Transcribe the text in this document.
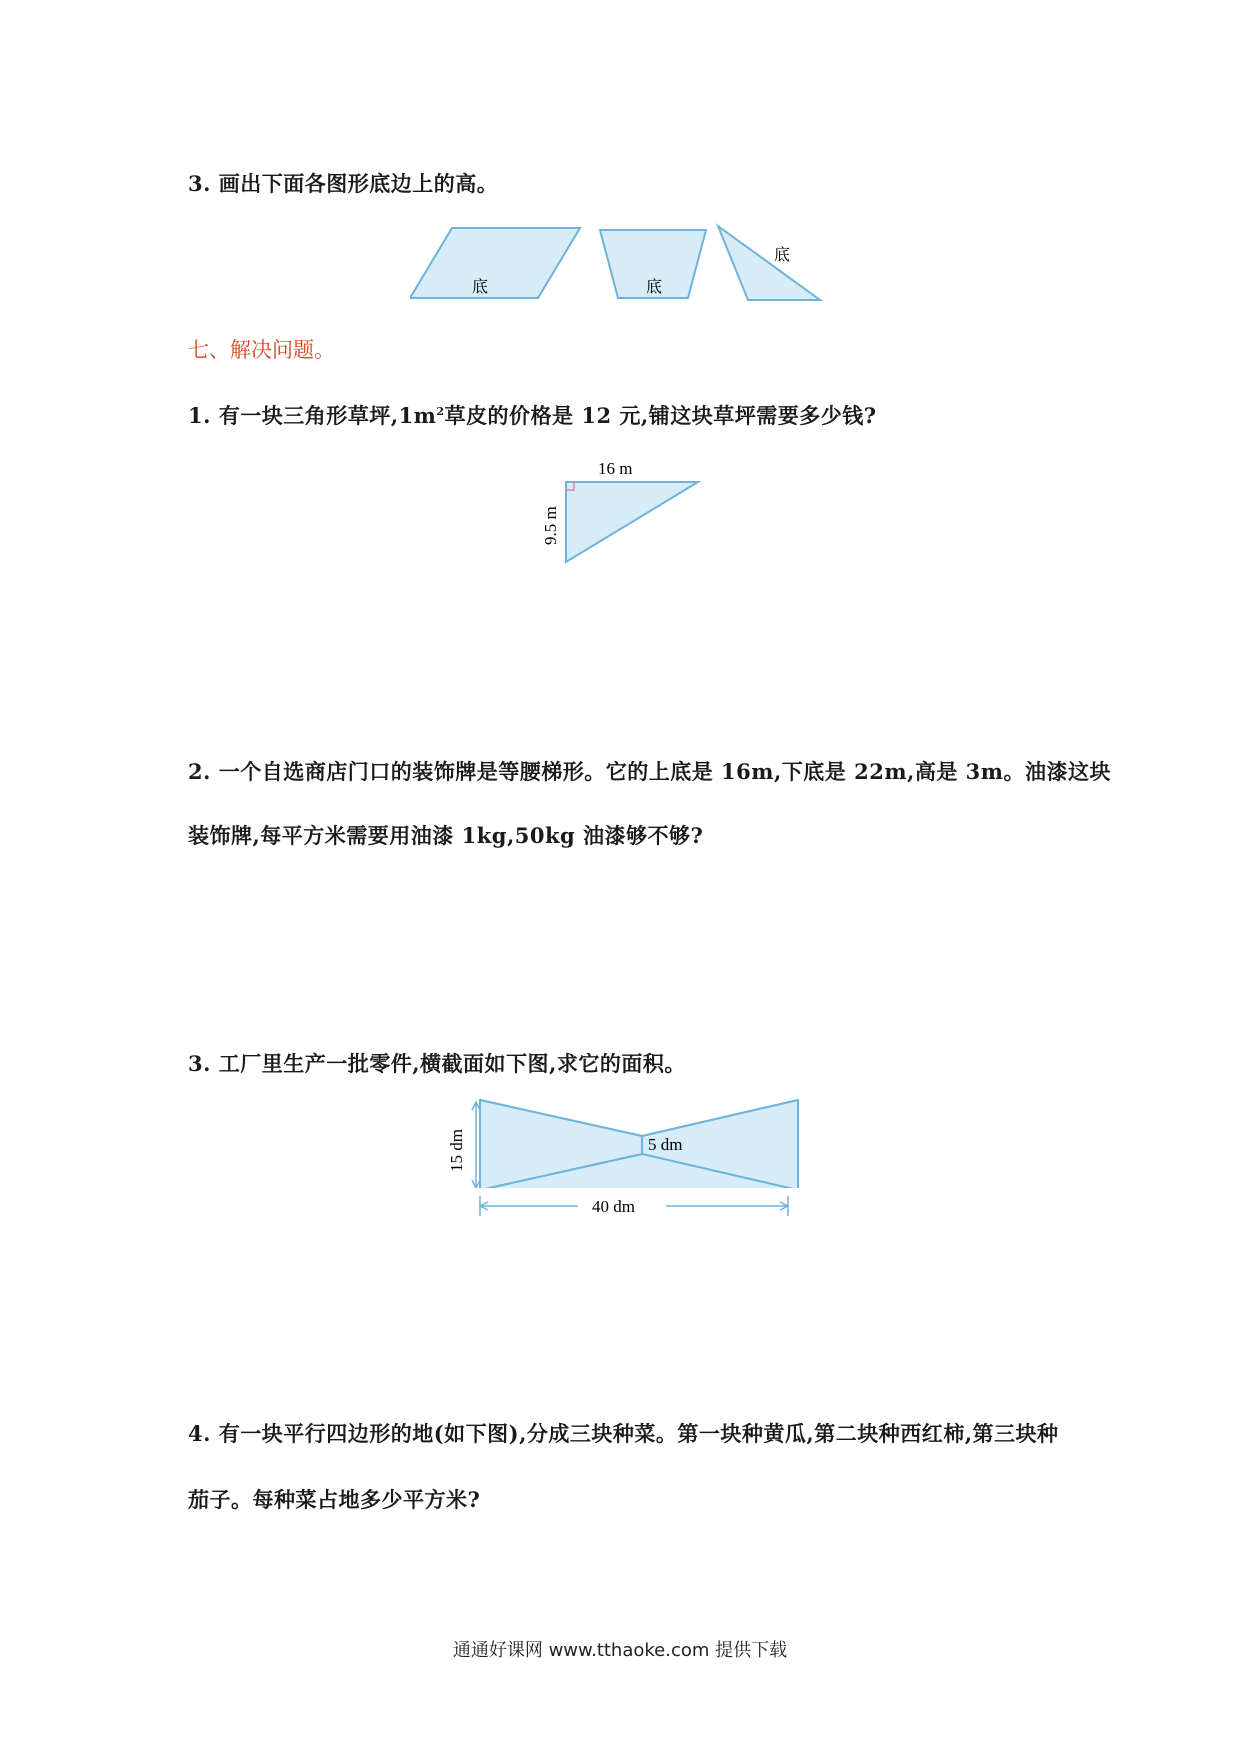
3. 画出下面各图形底边上的高。
底	底
底
七、解决问题。
1. 有一块三角形草坪$,1m^2$草皮的价格是 12 元,铺这块草坪需要多少钱?
16 m
9.5 m
2. 一个自选商店门口的装饰牌是等腰梯形。它的上底是 16m,下底是 22m,高是 3m。油漆这块
装饰牌,每平方米需要用油漆 1kg,50kg 油漆够不够?
3. 工厂里生产一批零件,横截面如下图,求它的面积。
15 dm	5 dm
40 dm
4. 有一块平行四边形的地(如下图),分成三块种菜。第一块种黄瓜,第二块种西红柿,第三块种
茄子。每种菜占地多少平方米?
通通好课网 www.tthaoke.com 提供下载
